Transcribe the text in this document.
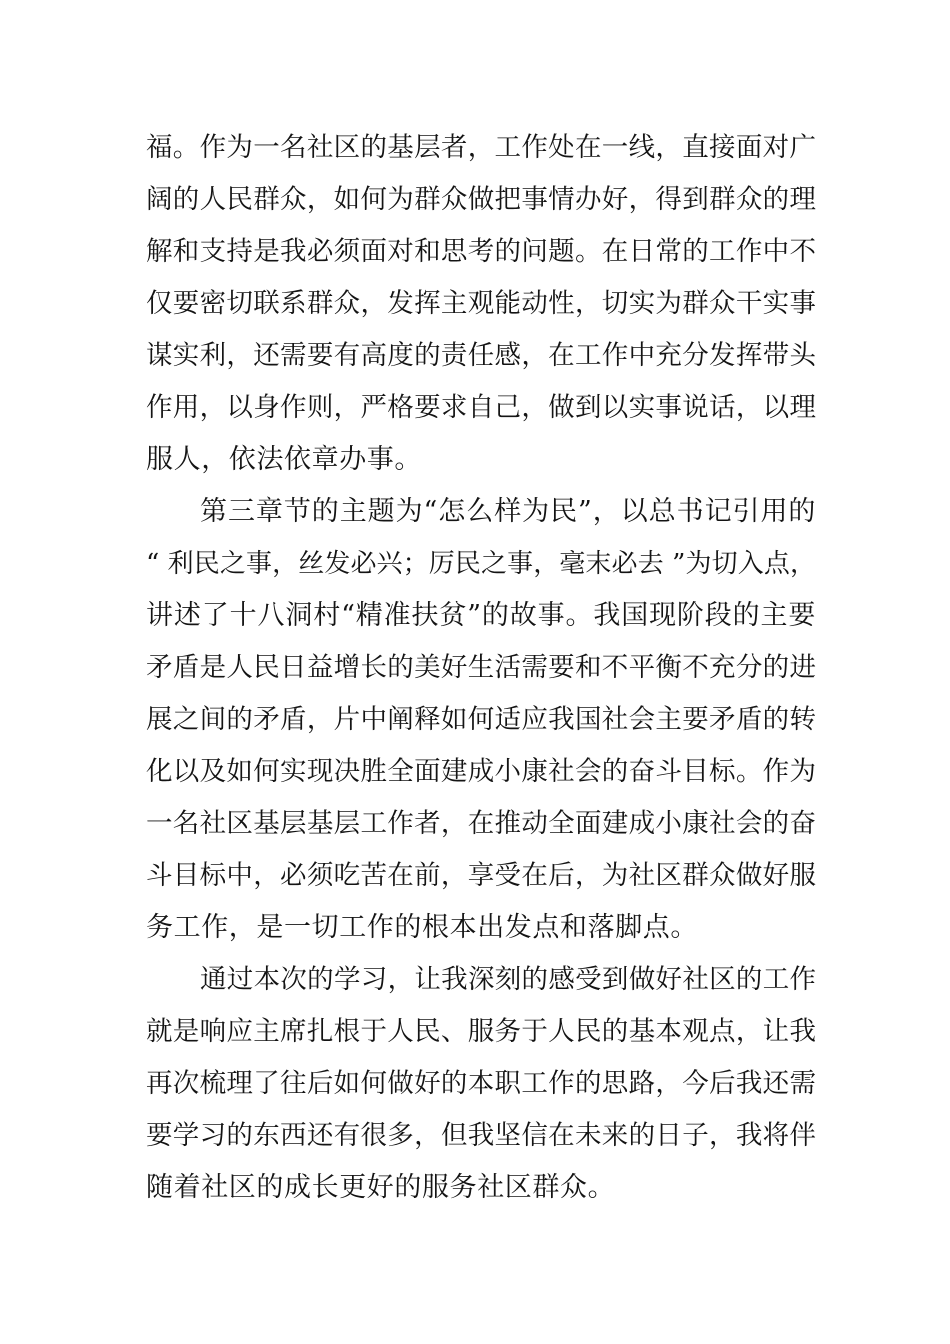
福。作为一名社区的基层者，工作处在一线，直接面对广
阔的人民群众，如何为群众做把事情办好，得到群众的理
解和支持是我必须面对和思考的问题。在日常的工作中不
仅要密切联系群众，发挥主观能动性，切实为群众干实事
谋实利，还需要有高度的责任感，在工作中充分发挥带头
作用，以身作则，严格要求自己，做到以实事说话，以理
服人，依法依章办事。
第三章节的主题为“怎么样为民”，以总书记引用的
“ 利民之事，丝发必兴；厉民之事，毫末必去 ”为切入点，
讲述了十八洞村“精准扶贫”的故事。我国现阶段的主要
矛盾是人民日益增长的美好生活需要和不平衡不充分的进
展之间的矛盾，片中阐释如何适应我国社会主要矛盾的转
化以及如何实现决胜全面建成小康社会的奋斗目标。作为
一名社区基层基层工作者，在推动全面建成小康社会的奋
斗目标中，必须吃苦在前，享受在后，为社区群众做好服
务工作，是一切工作的根本出发点和落脚点。
通过本次的学习，让我深刻的感受到做好社区的工作
就是响应主席扎根于人民、服务于人民的基本观点，让我
再次梳理了往后如何做好的本职工作的思路，今后我还需
要学习的东西还有很多，但我坚信在未来的日子，我将伴
随着社区的成长更好的服务社区群众。
